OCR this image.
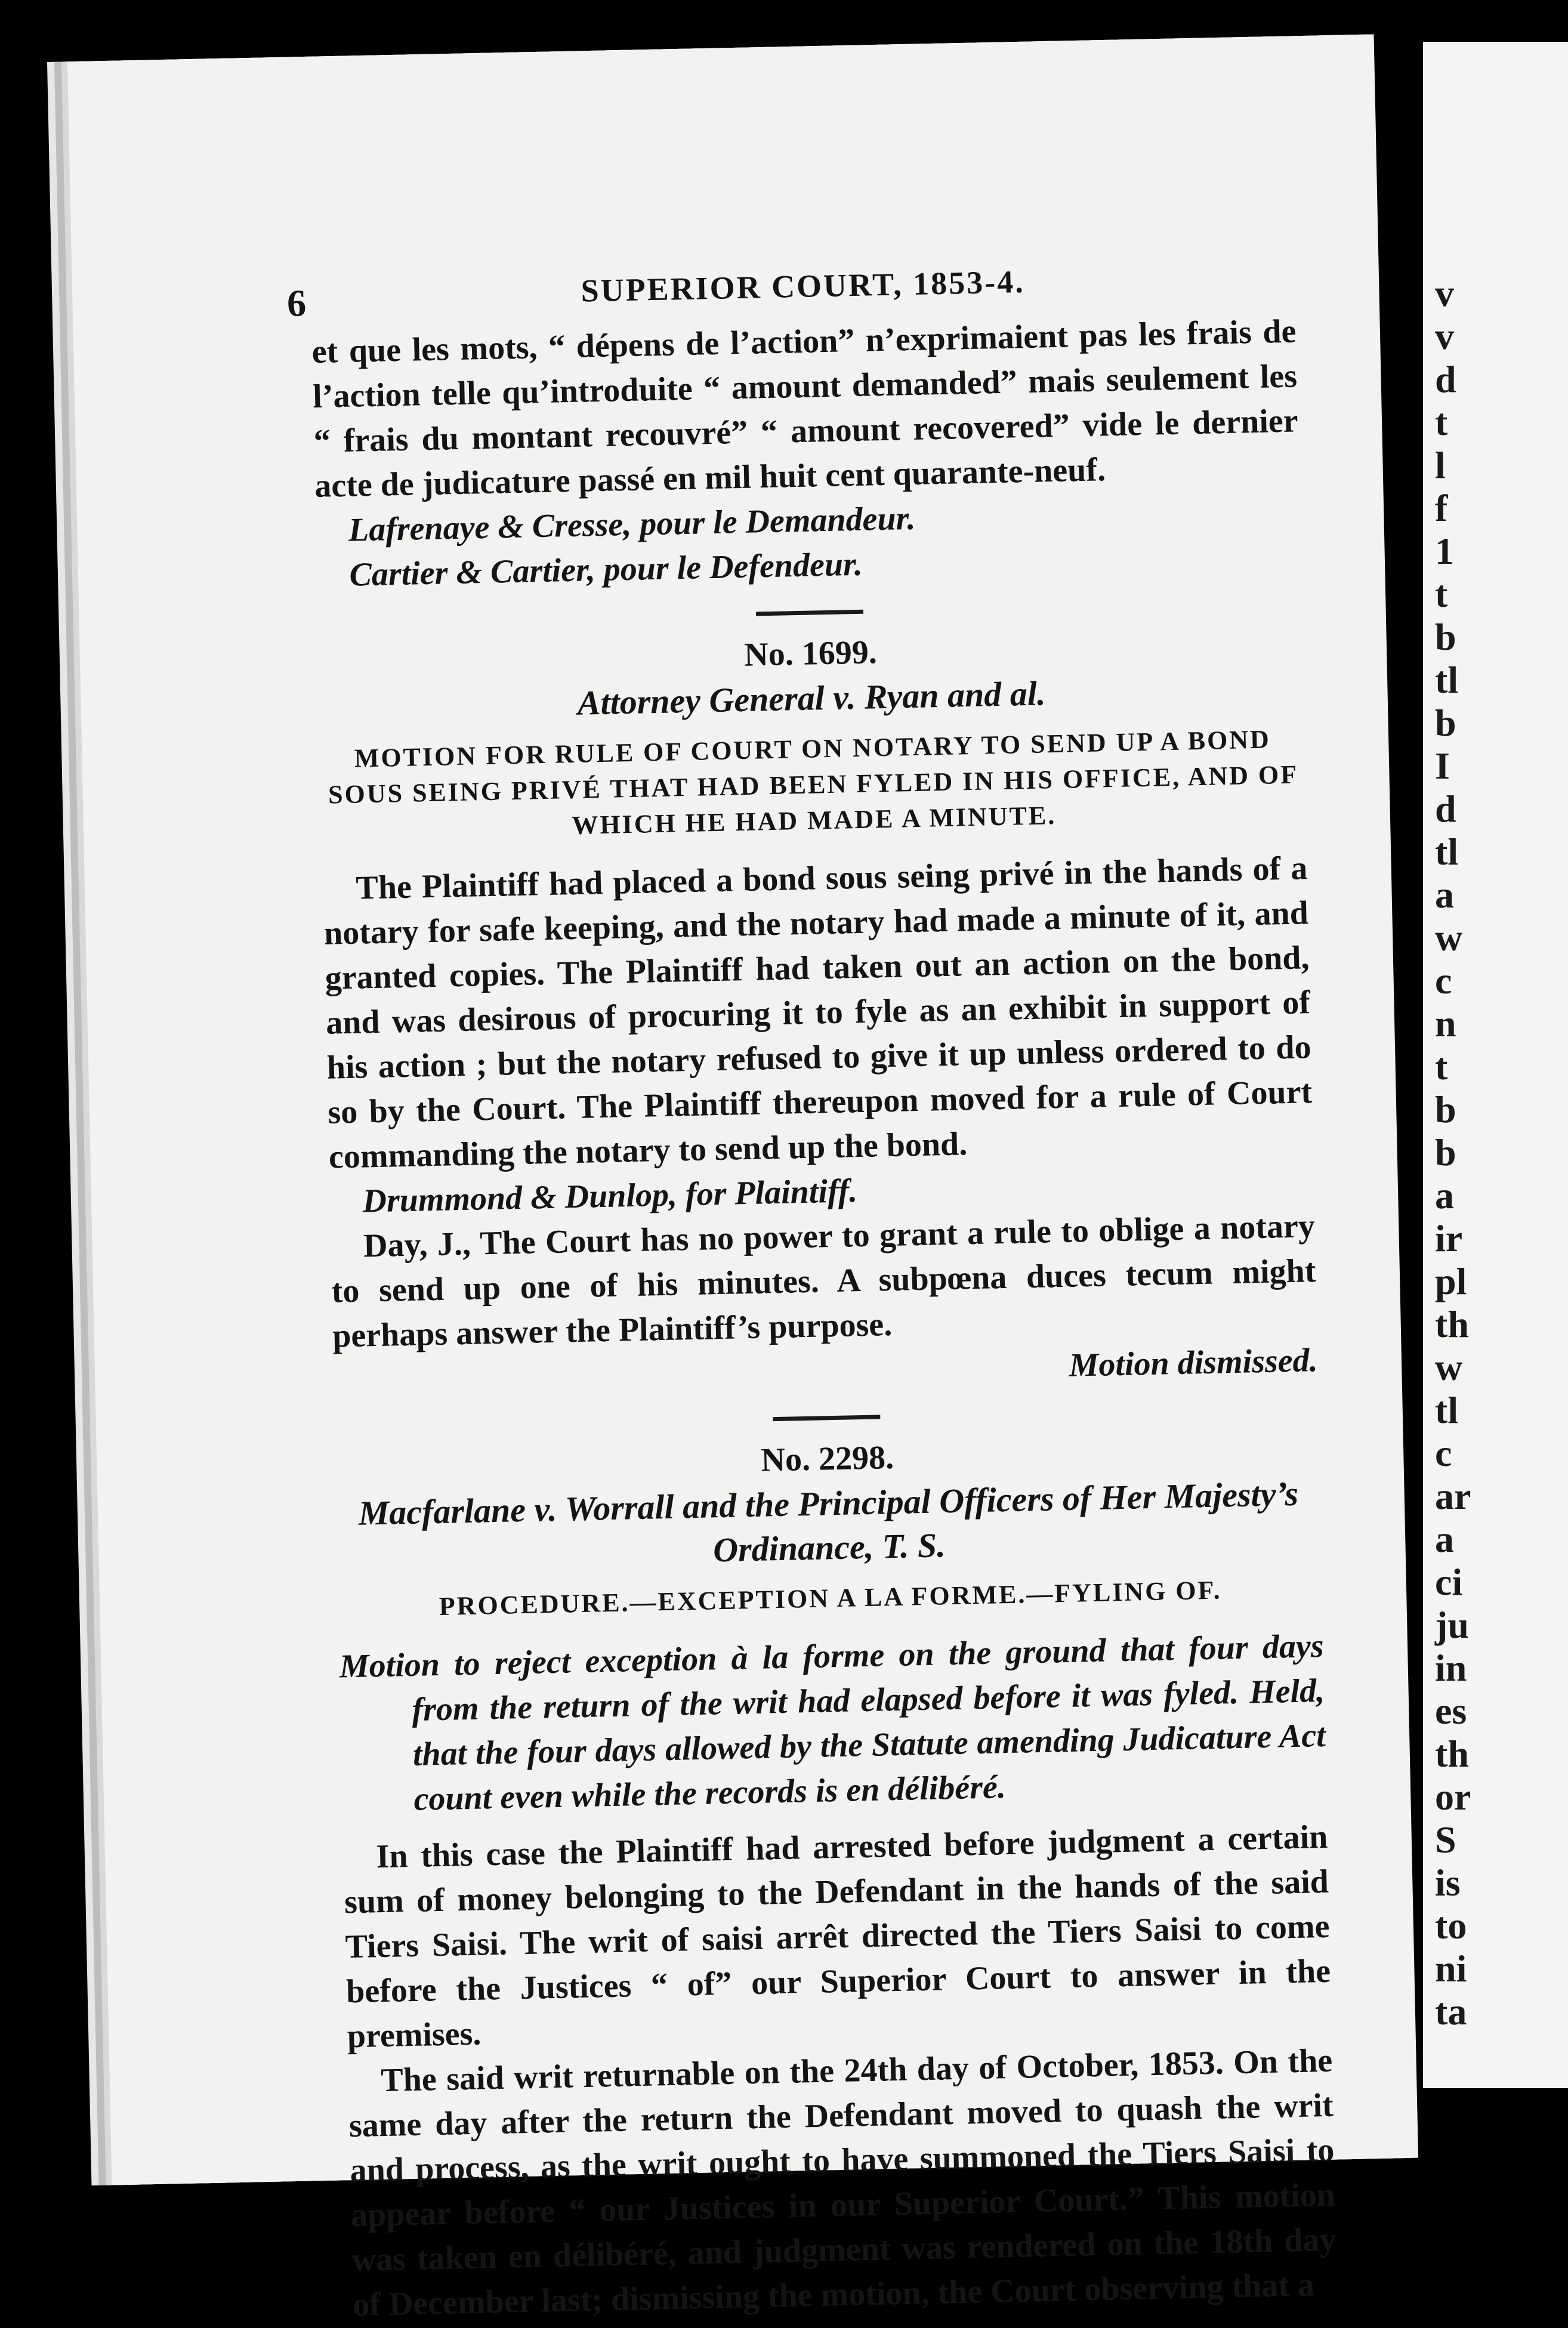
v
v
d
t
l
f
1
t
b
tl
b
I
d
tl
a
w
c
n
t
b
b
a
ir
pl
th
w
tl
c
ar
a
ci
ju
in
es
th
or
S
is
to
ni
ta
6	SUPERIOR COURT, 1853-4.

et que les mots, “ dépens de l’action” n’exprimaient pas les frais de l’action telle qu’introduite “ amount demanded” mais seulement les “ frais du montant recouvré” “ amount recovered” vide le dernier acte de judicature passé en mil huit cent quarante-neuf.

Lafrenaye & Cresse, pour le Demandeur.

Cartier & Cartier, pour le Defendeur.

No. 1699.

Attorney General v. Ryan and al.

MOTION FOR RULE OF COURT ON NOTARY TO SEND UP A BOND SOUS SEING PRIVÉ THAT HAD BEEN FYLED IN HIS OFFICE, AND OF WHICH HE HAD MADE A MINUTE.

The Plaintiff had placed a bond sous seing privé in the hands of a notary for safe keeping, and the notary had made a minute of it, and granted copies. The Plaintiff had taken out an action on the bond, and was desirous of procuring it to fyle as an exhibit in support of his action ; but the notary refused to give it up unless ordered to do so by the Court. The Plaintiff thereupon moved for a rule of Court commanding the notary to send up the bond.

Drummond & Dunlop, for Plaintiff.

Day, J., The Court has no power to grant a rule to oblige a notary to send up one of his minutes. A subpœna duces tecum might perhaps answer the Plaintiff’s purpose.

Motion dismissed.

No. 2298.

Macfarlane v. Worrall and the Principal Officers of Her Majesty’s Ordinance, T. S.

PROCEDURE.—EXCEPTION A LA FORME.—FYLING OF.

Motion to reject exception à la forme on the ground that four days from the return of the writ had elapsed before it was fyled. Held, that the four days allowed by the Statute amending Judicature Act count even while the records is en délibéré.

In this case the Plaintiff had arrested before judgment a certain sum of money belonging to the Defendant in the hands of the said Tiers Saisi. The writ of saisi arrêt directed the Tiers Saisi to come before the Justices “ of” our Superior Court to answer in the premises.

The said writ returnable on the 24th day of October, 1853. On the same day after the return the Defendant moved to quash the writ and process, as the writ ought to have summoned the Tiers Saisi to appear before “ our Justices in our Superior Court.” This motion was taken en délibéré, and judgment was rendered on the 18th day of December last; dismissing the motion, the Court observing that a
